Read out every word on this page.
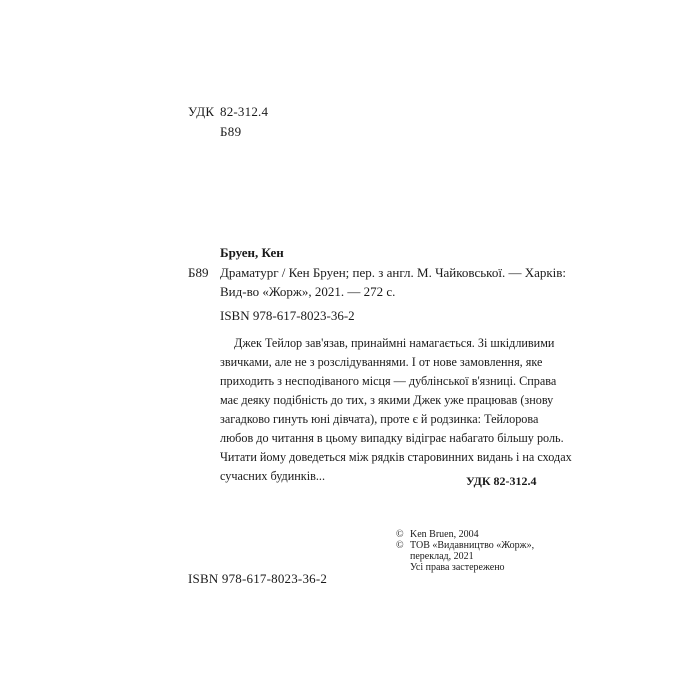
УДК 82-312.4
Б89
Бруен, Кен
Б89 Драматург / Кен Бруен; пер. з англ. М. Чайковської. — Харків:
Вид-во «Жорж», 2021. — 272 с.
ISBN 978-617-8023-36-2
Джек Тейлор зав'язав, принаймні намагається. Зі шкідливими
звичками, але не з розслідуваннями. І от нове замовлення, яке
приходить з несподіваного місця — дублінської в'язниці. Справа
має деяку подібність до тих, з якими Джек уже працював (знову
загадково гинуть юні дівчата), проте є й родзинка: Тейлорова
любов до читання в цьому випадку відіграє набагато більшу роль.
Читати йому доведеться між рядків старовинних видань і на сходах
сучасних будинків...	УДК 82-312.4
© Ken Bruen, 2004
© ТОВ «Видавництво «Жорж»,
переклад, 2021
Усі права застережено
ISBN 978-617-8023-36-2
